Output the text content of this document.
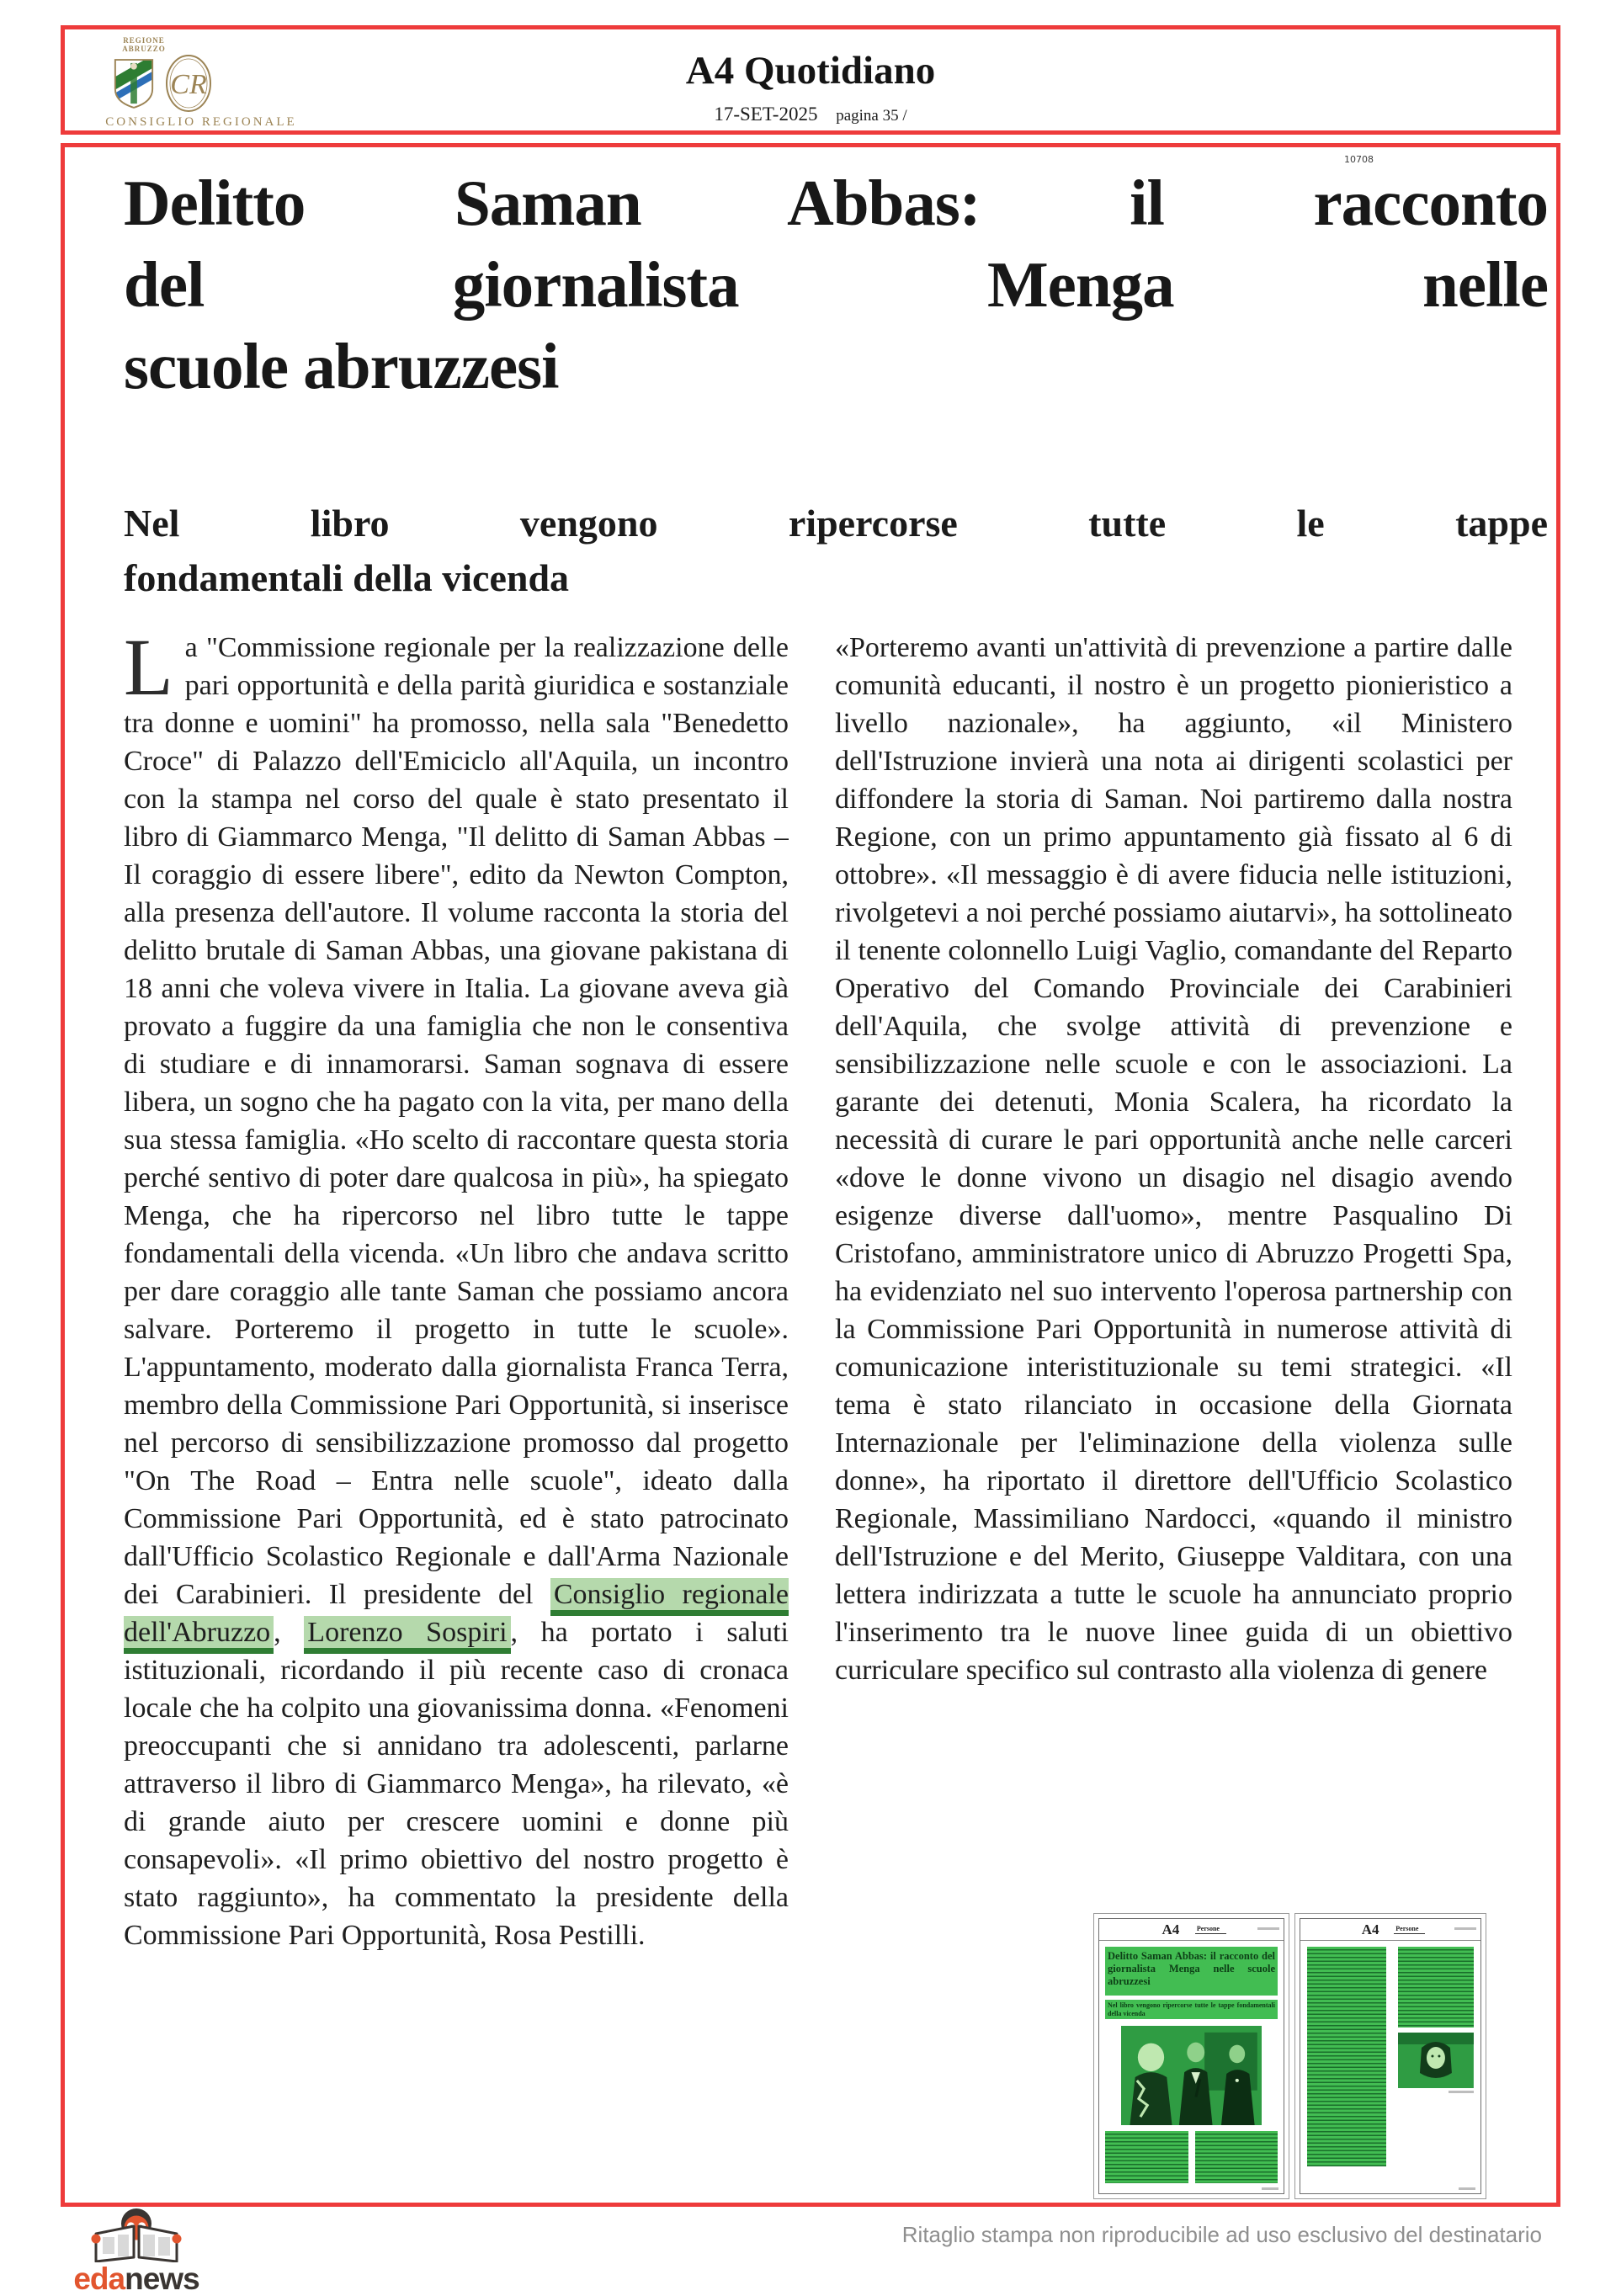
REGIONE
ABRUZZO
CR
CONSIGLIO REGIONALE
A4 Quotidiano
17-SET-2025 pagina 35 /
10708
Delitto Saman Abbas: il racconto
del giornalista Menga nelle
scuole abruzzesi
Nel libro vengono ripercorse tutte le tappe
fondamentali della vicenda
La "Commissione regionale per la realizzazione delle pari opportunità e della parità giuridica e sostanziale tra donne e uomini" ha promosso, nella sala "Benedetto Croce" di Palazzo dell'Emiciclo all'Aquila, un incontro con la stampa nel corso del quale è stato presentato il libro di Giammarco Menga, "Il delitto di Saman Abbas – Il coraggio di essere libere", edito da Newton Compton, alla presenza dell'autore. Il volume racconta la storia del delitto brutale di Saman Abbas, una giovane pakistana di 18 anni che voleva vivere in Italia. La giovane aveva già provato a fuggire da una famiglia che non le consentiva di studiare e di innamorarsi. Saman sognava di essere libera, un sogno che ha pagato con la vita, per mano della sua stessa famiglia. «Ho scelto di raccontare questa storia perché sentivo di poter dare qualcosa in più», ha spiegato Menga, che ha ripercorso nel libro tutte le tappe fondamentali della vicenda. «Un libro che andava scritto per dare coraggio alle tante Saman che possiamo ancora salvare. Porteremo il progetto in tutte le scuole». L'appuntamento, moderato dalla giornalista Franca Terra, membro della Commissione Pari Opportunità, si inserisce nel percorso di sensibilizzazione promosso dal progetto "On The Road – Entra nelle scuole", ideato dalla Commissione Pari Opportunità, ed è stato patrocinato dall'Ufficio Scolastico Regionale e dall'Arma Nazionale dei Carabinieri. Il presidente del Consiglio regionale dell'Abruzzo , Lorenzo Sospiri , ha portato i saluti istituzionali, ricordando il più recente caso di cronaca locale che ha colpito una giovanissima donna. «Fenomeni preoccupanti che si annidano tra adolescenti, parlarne attraverso il libro di Giammarco Menga», ha rilevato, «è di grande aiuto per crescere uomini e donne più consapevoli». «Il primo obiettivo del nostro progetto è stato raggiunto», ha commentato la presidente della Commissione Pari Opportunità, Rosa Pestilli.
«Porteremo avanti un'attività di prevenzione a partire dalle comunità educanti, il nostro è un progetto pionieristico a livello nazionale», ha aggiunto, «il Ministero dell'Istruzione invierà una nota ai dirigenti scolastici per diffondere la storia di Saman. Noi partiremo dalla nostra Regione, con un primo appuntamento già fissato al 6 di ottobre». «Il messaggio è di avere fiducia nelle istituzioni, rivolgetevi a noi perché possiamo aiutarvi», ha sottolineato il tenente colonnello Luigi Vaglio, comandante del Reparto Operativo del Comando Provinciale dei Carabinieri dell'Aquila, che svolge attività di prevenzione e sensibilizzazione nelle scuole e con le associazioni. La garante dei detenuti, Monia Scalera, ha ricordato la necessità di curare le pari opportunità anche nelle carceri «dove le donne vivono un disagio nel disagio avendo esigenze diverse dall'uomo», mentre Pasqualino Di Cristofano, amministratore unico di Abruzzo Progetti Spa, ha evidenziato nel suo intervento l'operosa partnership con la Commissione Pari Opportunità in numerose attività di comunicazione interistituzionale su temi strategici. «Il tema è stato rilanciato in occasione della Giornata Internazionale per l'eliminazione della violenza sulle donne», ha riportato il direttore dell'Ufficio Scolastico Regionale, Massimiliano Nardocci, «quando il ministro dell'Istruzione e del Merito, Giuseppe Valditara, con una lettera indirizzata a tutte le scuole ha annunciato proprio l'inserimento tra le nuove linee guida di un obiettivo curriculare specifico sul contrasto alla violenza di genere
A4	Persone
Delitto Saman Abbas: il racconto del giornalista Menga nelle scuole abruzzesi
Nel libro vengono ripercorse tutte le tappe fondamentali della vicenda
A4 Persone
Ritaglio stampa non riproducibile ad uso esclusivo del destinatario
edanews
